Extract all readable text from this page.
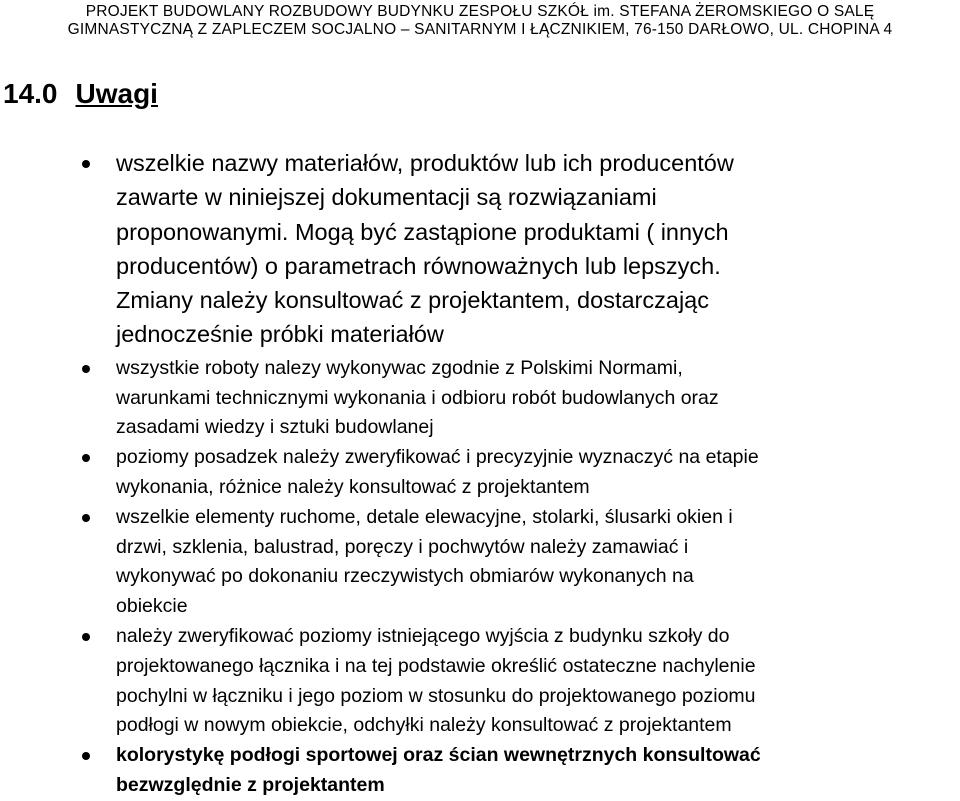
PROJEKT BUDOWLANY ROZBUDOWY BUDYNKU ZESPOŁU SZKÓŁ im. STEFANA ŻEROMSKIEGO O SALĘ
GIMNASTYCZNĄ Z ZAPLECZEM SOCJALNO – SANITARNYM I ŁĄCZNIKIEM, 76-150 DARŁOWO, UL. CHOPINA 4
14.0 Uwagi
wszelkie nazwy materiałów, produktów lub ich producentów
zawarte w niniejszej dokumentacji są rozwiązaniami
proponowanymi. Mogą być zastąpione produktami ( innych
producentów) o parametrach równoważnych lub lepszych.
Zmiany należy konsultować z projektantem, dostarczając
jednocześnie próbki materiałów
wszystkie roboty nalezy wykonywac zgodnie z Polskimi Normami,
warunkami technicznymi wykonania i odbioru robót budowlanych oraz
zasadami wiedzy i sztuki budowlanej
poziomy posadzek należy zweryfikować i precyzyjnie wyznaczyć na etapie
wykonania, różnice należy konsultować z projektantem
wszelkie elementy ruchome, detale elewacyjne, stolarki, ślusarki okien i
drzwi, szklenia, balustrad, poręczy i pochwytów należy zamawiać i
wykonywać po dokonaniu rzeczywistych obmiarów wykonanych na
obiekcie
należy zweryfikować poziomy istniejącego wyjścia z budynku szkoły do
projektowanego łącznika i na tej podstawie określić ostateczne nachylenie
pochylni w łączniku i jego poziom w stosunku do projektowanego poziomu
podłogi w nowym obiekcie, odchyłki należy konsultować z projektantem
kolorystykę podłogi sportowej oraz ścian wewnętrznych konsultować
bezwzględnie z projektantem
